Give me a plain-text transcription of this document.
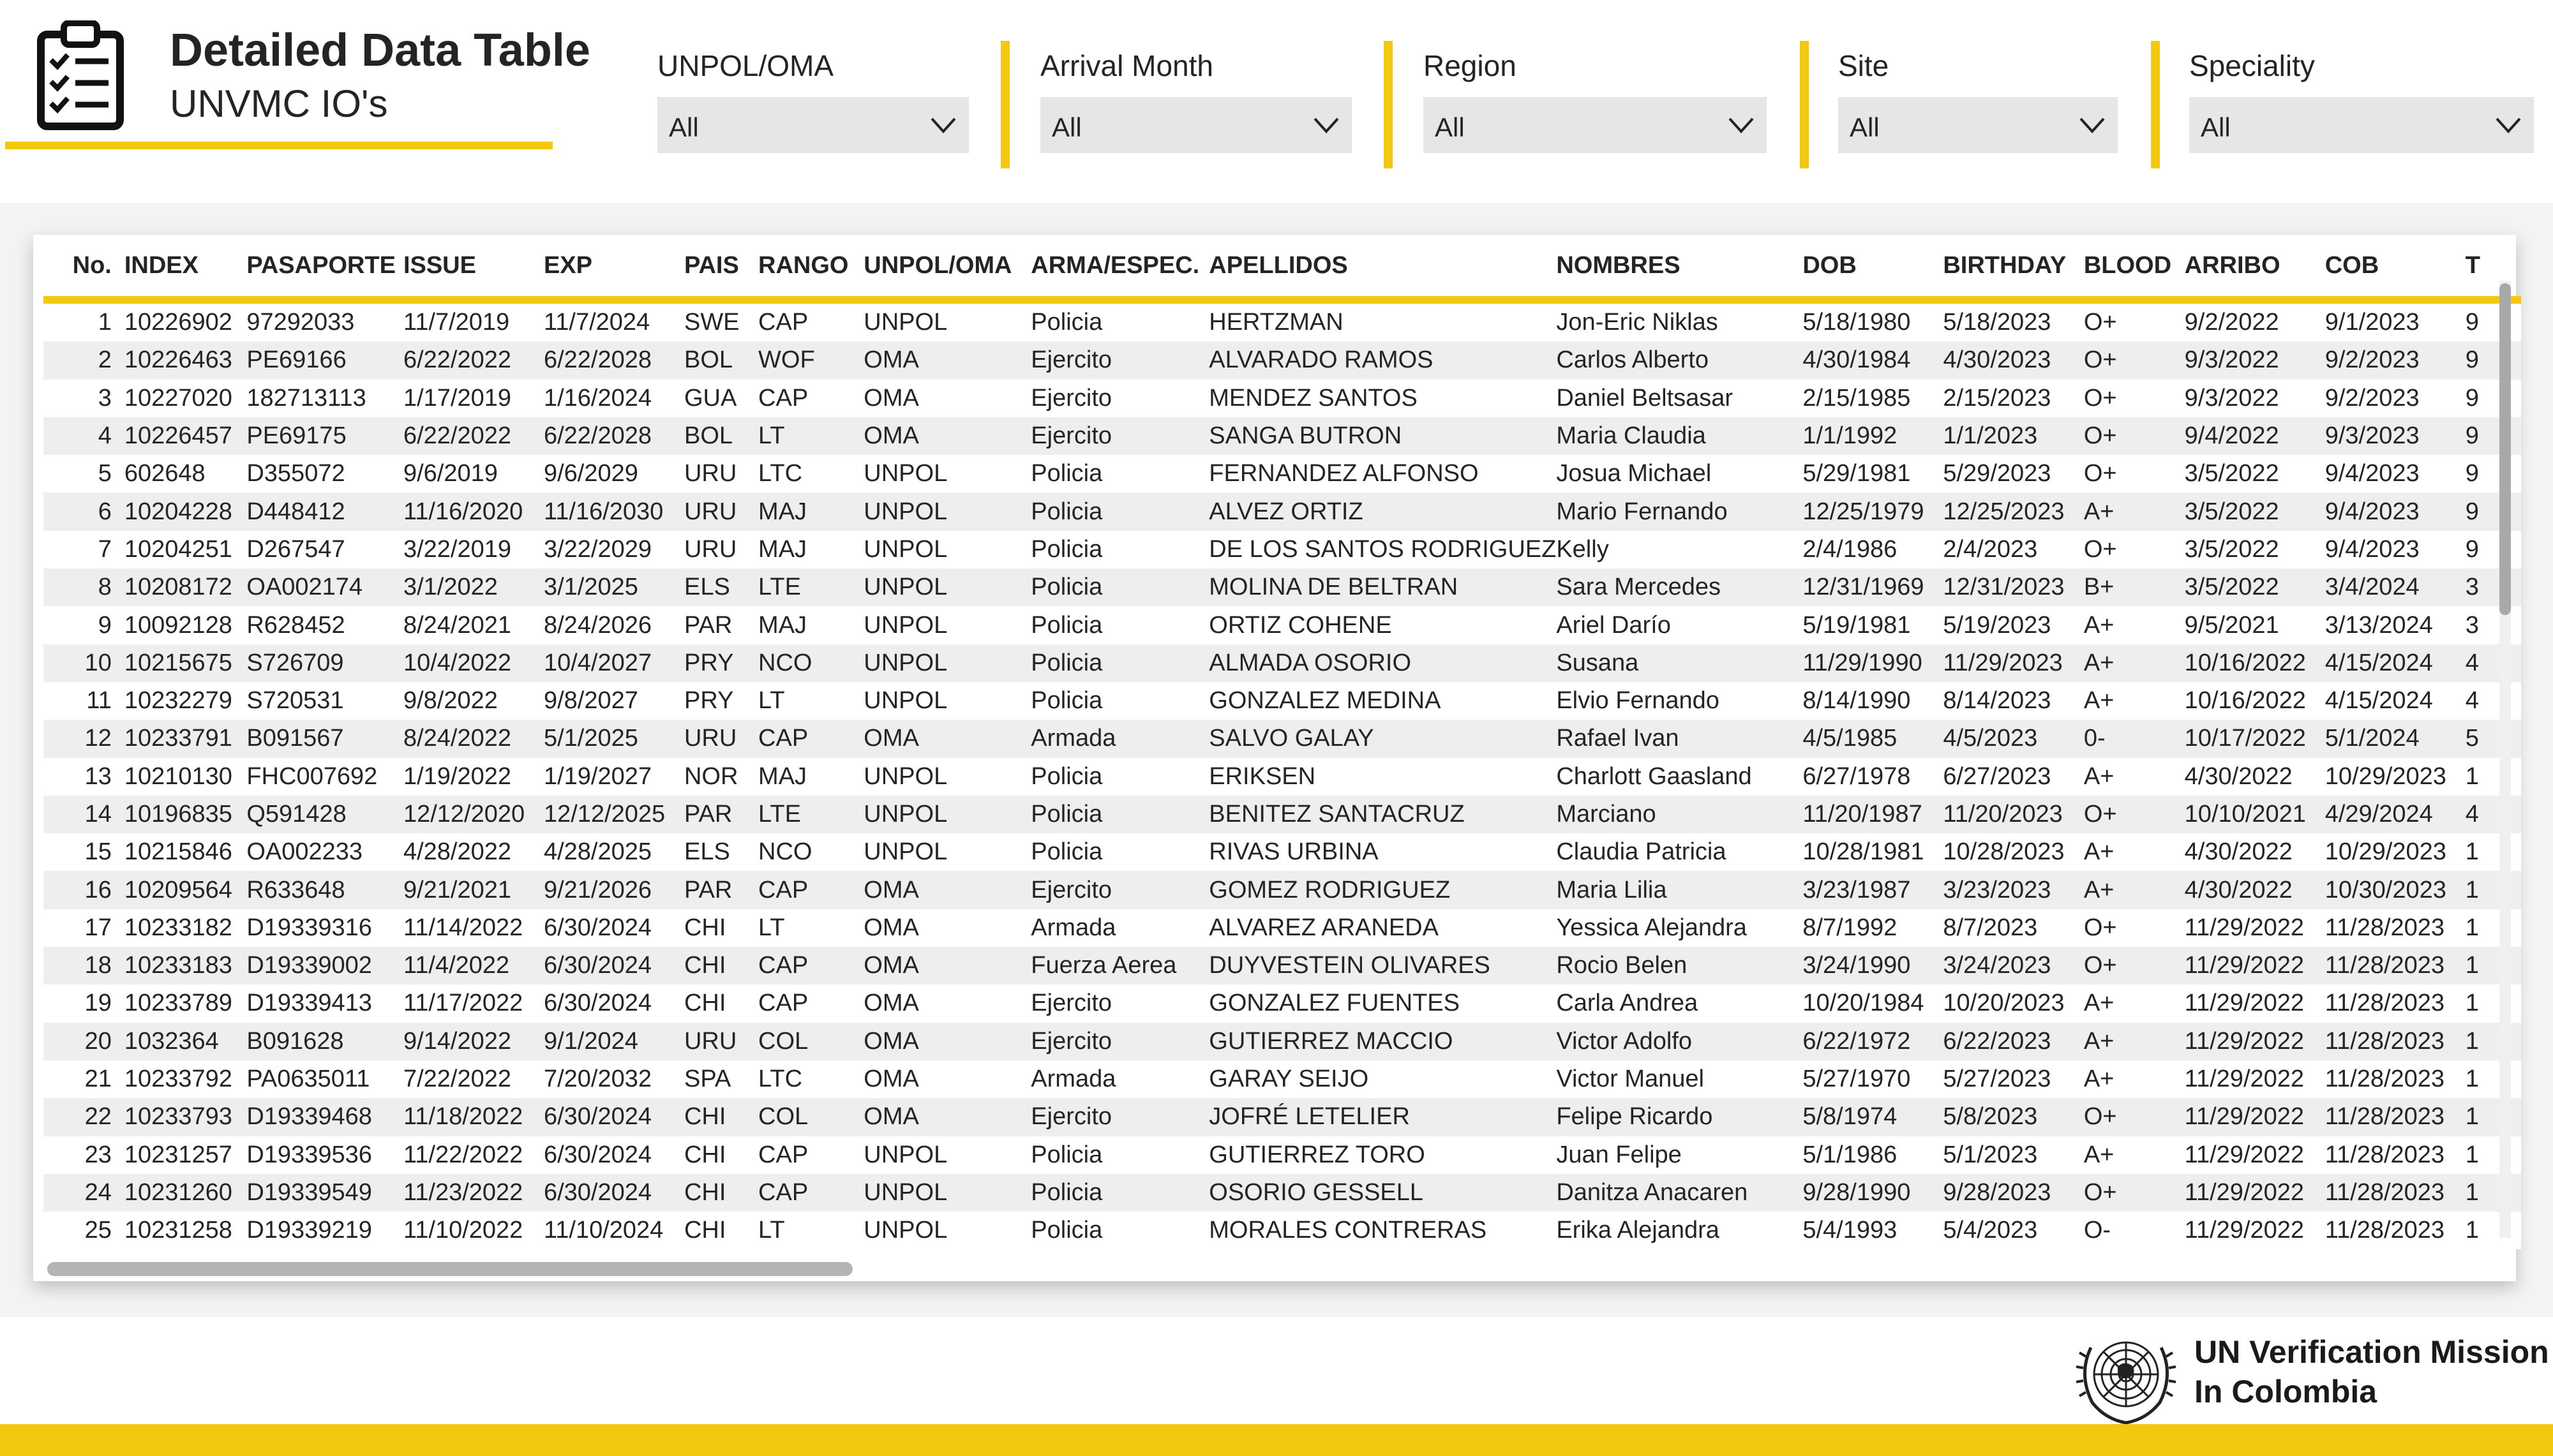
Detailed Data Table
UNVMC IO's
UNPOL/OMA
All
Arrival Month
All
Region
All
Site
All
Speciality
All
No.	INDEX	PASAPORTE	ISSUE	EXP	PAIS	RANGO	UNPOL/OMA	ARMA/ESPEC.	APELLIDOS	NOMBRES	DOB	BIRTHDAY	BLOOD	ARRIBO	COB	T
1	10226902	97292033	11/7/2019	11/7/2024	SWE	CAP	UNPOL	Policia	HERTZMAN	Jon-Eric Niklas	5/18/1980	5/18/2023	O+	9/2/2022	9/1/2023	9
2	10226463	PE69166	6/22/2022	6/22/2028	BOL	WOF	OMA	Ejercito	ALVARADO RAMOS	Carlos Alberto	4/30/1984	4/30/2023	O+	9/3/2022	9/2/2023	9
3	10227020	182713113	1/17/2019	1/16/2024	GUA	CAP	OMA	Ejercito	MENDEZ SANTOS	Daniel Beltsasar	2/15/1985	2/15/2023	O+	9/3/2022	9/2/2023	9
4	10226457	PE69175	6/22/2022	6/22/2028	BOL	LT	OMA	Ejercito	SANGA BUTRON	Maria Claudia	1/1/1992	1/1/2023	O+	9/4/2022	9/3/2023	9
5	602648	D355072	9/6/2019	9/6/2029	URU	LTC	UNPOL	Policia	FERNANDEZ ALFONSO	Josua Michael	5/29/1981	5/29/2023	O+	3/5/2022	9/4/2023	9
6	10204228	D448412	11/16/2020	11/16/2030	URU	MAJ	UNPOL	Policia	ALVEZ ORTIZ	Mario Fernando	12/25/1979	12/25/2023	A+	3/5/2022	9/4/2023	9
7	10204251	D267547	3/22/2019	3/22/2029	URU	MAJ	UNPOL	Policia	DE LOS SANTOS RODRIGUEZ	Kelly	2/4/1986	2/4/2023	O+	3/5/2022	9/4/2023	9
8	10208172	OA002174	3/1/2022	3/1/2025	ELS	LTE	UNPOL	Policia	MOLINA DE BELTRAN	Sara Mercedes	12/31/1969	12/31/2023	B+	3/5/2022	3/4/2024	3
9	10092128	R628452	8/24/2021	8/24/2026	PAR	MAJ	UNPOL	Policia	ORTIZ COHENE	Ariel Darío	5/19/1981	5/19/2023	A+	9/5/2021	3/13/2024	3
10	10215675	S726709	10/4/2022	10/4/2027	PRY	NCO	UNPOL	Policia	ALMADA OSORIO	Susana	11/29/1990	11/29/2023	A+	10/16/2022	4/15/2024	4
11	10232279	S720531	9/8/2022	9/8/2027	PRY	LT	UNPOL	Policia	GONZALEZ MEDINA	Elvio Fernando	8/14/1990	8/14/2023	A+	10/16/2022	4/15/2024	4
12	10233791	B091567	8/24/2022	5/1/2025	URU	CAP	OMA	Armada	SALVO GALAY	Rafael Ivan	4/5/1985	4/5/2023	0-	10/17/2022	5/1/2024	5
13	10210130	FHC007692	1/19/2022	1/19/2027	NOR	MAJ	UNPOL	Policia	ERIKSEN	Charlott Gaasland	6/27/1978	6/27/2023	A+	4/30/2022	10/29/2023	1
14	10196835	Q591428	12/12/2020	12/12/2025	PAR	LTE	UNPOL	Policia	BENITEZ SANTACRUZ	Marciano	11/20/1987	11/20/2023	O+	10/10/2021	4/29/2024	4
15	10215846	OA002233	4/28/2022	4/28/2025	ELS	NCO	UNPOL	Policia	RIVAS URBINA	Claudia Patricia	10/28/1981	10/28/2023	A+	4/30/2022	10/29/2023	1
16	10209564	R633648	9/21/2021	9/21/2026	PAR	CAP	OMA	Ejercito	GOMEZ RODRIGUEZ	Maria Lilia	3/23/1987	3/23/2023	A+	4/30/2022	10/30/2023	1
17	10233182	D19339316	11/14/2022	6/30/2024	CHI	LT	OMA	Armada	ALVAREZ ARANEDA	Yessica Alejandra	8/7/1992	8/7/2023	O+	11/29/2022	11/28/2023	1
18	10233183	D19339002	11/4/2022	6/30/2024	CHI	CAP	OMA	Fuerza Aerea	DUYVESTEIN OLIVARES	Rocio Belen	3/24/1990	3/24/2023	O+	11/29/2022	11/28/2023	1
19	10233789	D19339413	11/17/2022	6/30/2024	CHI	CAP	OMA	Ejercito	GONZALEZ FUENTES	Carla Andrea	10/20/1984	10/20/2023	A+	11/29/2022	11/28/2023	1
20	1032364	B091628	9/14/2022	9/1/2024	URU	COL	OMA	Ejercito	GUTIERREZ MACCIO	Victor Adolfo	6/22/1972	6/22/2023	A+	11/29/2022	11/28/2023	1
21	10233792	PA0635011	7/22/2022	7/20/2032	SPA	LTC	OMA	Armada	GARAY SEIJO	Victor Manuel	5/27/1970	5/27/2023	A+	11/29/2022	11/28/2023	1
22	10233793	D19339468	11/18/2022	6/30/2024	CHI	COL	OMA	Ejercito	JOFRÉ LETELIER	Felipe Ricardo	5/8/1974	5/8/2023	O+	11/29/2022	11/28/2023	1
23	10231257	D19339536	11/22/2022	6/30/2024	CHI	CAP	UNPOL	Policia	GUTIERREZ TORO	Juan Felipe	5/1/1986	5/1/2023	A+	11/29/2022	11/28/2023	1
24	10231260	D19339549	11/23/2022	6/30/2024	CHI	CAP	UNPOL	Policia	OSORIO GESSELL	Danitza Anacaren	9/28/1990	9/28/2023	O+	11/29/2022	11/28/2023	1
25	10231258	D19339219	11/10/2022	11/10/2024	CHI	LT	UNPOL	Policia	MORALES CONTRERAS	Erika Alejandra	5/4/1993	5/4/2023	O-	11/29/2022	11/28/2023	1
UN Verification Mission
In Colombia
